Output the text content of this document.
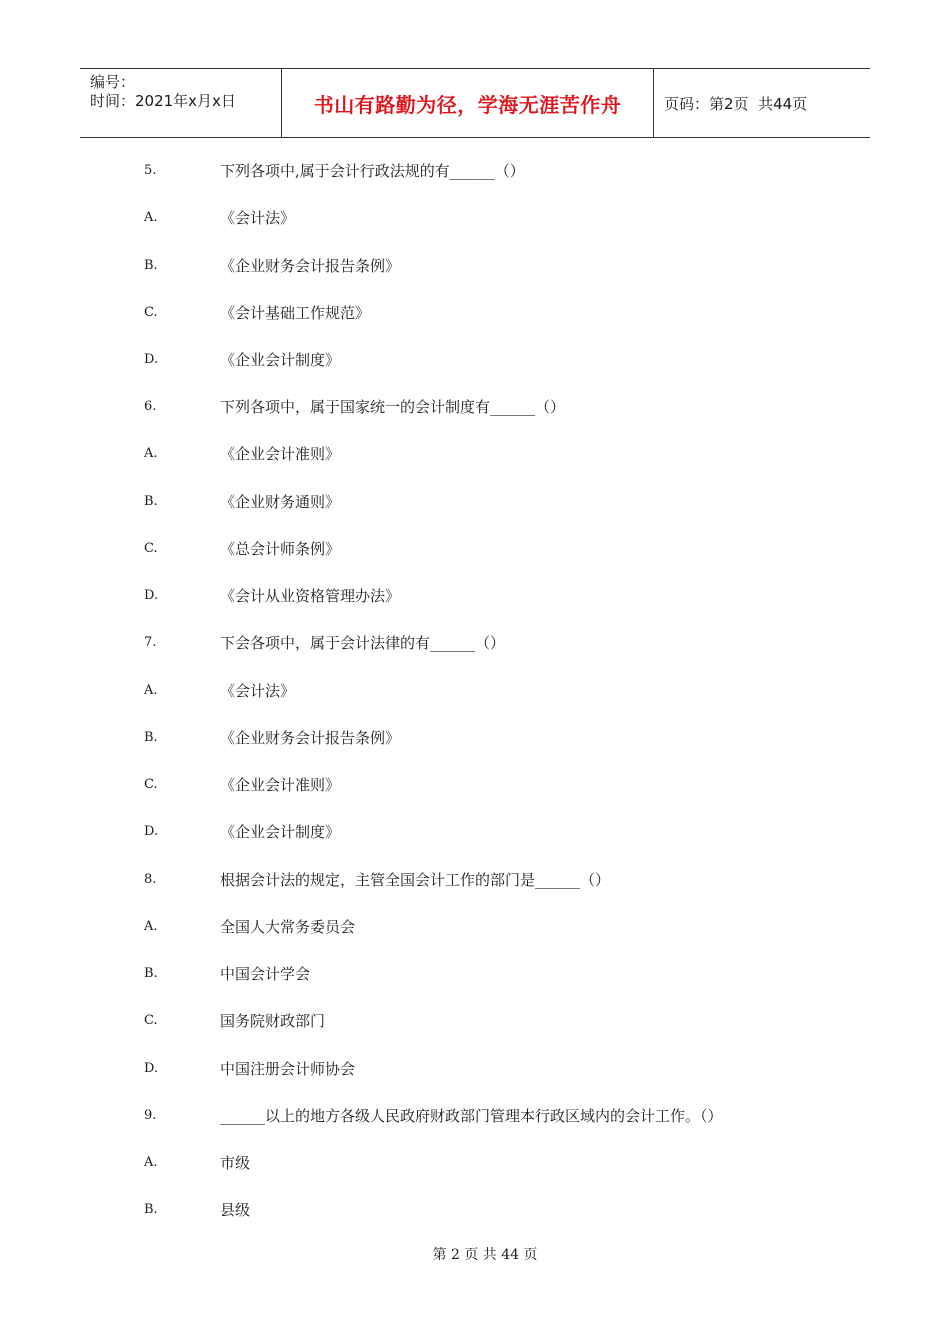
编号：
时间：2021年x月x日	书山有路勤为径，学海无涯苦作舟	页码：第2页  共44页
5.	下列各项中,属于会计行政法规的有______（）
A.	《会计法》
B.	《企业财务会计报告条例》
C.	《会计基础工作规范》
D.	《企业会计制度》
6.	下列各项中，属于国家统一的会计制度有______（）
A.	《企业会计准则》
B.	《企业财务通则》
C.	《总会计师条例》
D.	《会计从业资格管理办法》
7.	下会各项中，属于会计法律的有______（）
A.	《会计法》
B.	《企业财务会计报告条例》
C.	《企业会计准则》
D.	《企业会计制度》
8.	根据会计法的规定，主管全国会计工作的部门是______（）
A.	全国人大常务委员会
B.	中国会计学会
C.	国务院财政部门
D.	中国注册会计师协会
9.	______以上的地方各级人民政府财政部门管理本行政区域内的会计工作。（）
A.	市级
B.	县级
第 2 页 共 44 页
